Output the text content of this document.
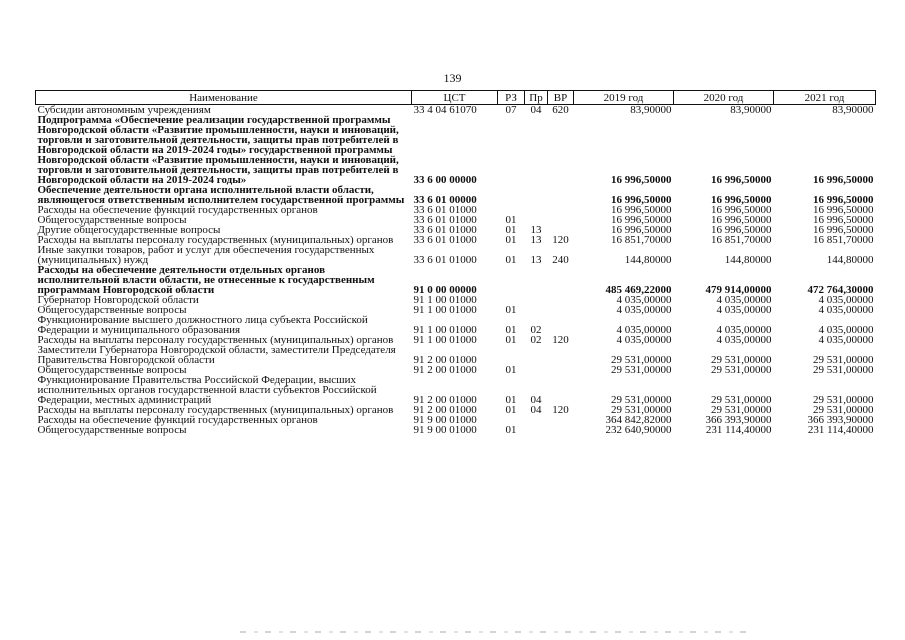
139
Наименование	ЦСТ	РЗ	Пр	ВР	2019 год	2020 год	2021 год
Субсидии автономным учреждениям	33 4 04 61070	07	04	620	83,90000	83,90000	83,90000
Подпрограмма «Обеспечение реализации государственной программы Новгородской области «Развитие промышленности, науки и инноваций, торговли и заготовительной деятельности, защиты прав потребителей в Новгородской области на 2019-2024 годы» государственной программы Новгородской области «Развитие промышленности, науки и инноваций, торговли и заготовительной деятельности, защиты прав потребителей в Новгородской области на 2019-2024 годы»	33 6 00 00000				16 996,50000	16 996,50000	16 996,50000
Обеспечение деятельности органа исполнительной власти области, являющегося ответственным исполнителем государственной программы	33 6 01 00000				16 996,50000	16 996,50000	16 996,50000
Расходы на обеспечение функций государственных органов	33 6 01 01000				16 996,50000	16 996,50000	16 996,50000
Общегосударственные вопросы	33 6 01 01000	01			16 996,50000	16 996,50000	16 996,50000
Другие общегосударственные вопросы	33 6 01 01000	01	13		16 996,50000	16 996,50000	16 996,50000
Расходы на выплаты персоналу государственных (муниципальных) органов	33 6 01 01000	01	13	120	16 851,70000	16 851,70000	16 851,70000
Иные закупки товаров, работ и услуг для обеспечения государственных (муниципальных) нужд	33 6 01 01000	01	13	240	144,80000	144,80000	144,80000
Расходы на обеспечение деятельности отдельных органов исполнительной власти области, не отнесенные к государственным программам Новгородской области	91 0 00 00000				485 469,22000	479 914,00000	472 764,30000
Губернатор Новгородской области	91 1 00 01000				4 035,00000	4 035,00000	4 035,00000
Общегосударственные вопросы	91 1 00 01000	01			4 035,00000	4 035,00000	4 035,00000
Функционирование высшего должностного лица субъекта Российской Федерации и муниципального образования	91 1 00 01000	01	02		4 035,00000	4 035,00000	4 035,00000
Расходы на выплаты персоналу государственных (муниципальных) органов	91 1 00 01000	01	02	120	4 035,00000	4 035,00000	4 035,00000
Заместители Губернатора Новгородской области, заместители Председателя Правительства Новгородской области	91 2 00 01000				29 531,00000	29 531,00000	29 531,00000
Общегосударственные вопросы	91 2 00 01000	01			29 531,00000	29 531,00000	29 531,00000
Функционирование Правительства Российской Федерации, высших исполнительных органов государственной власти субъектов Российской Федерации, местных администраций	91 2 00 01000	01	04		29 531,00000	29 531,00000	29 531,00000
Расходы на выплаты персоналу государственных (муниципальных) органов	91 2 00 01000	01	04	120	29 531,00000	29 531,00000	29 531,00000
Расходы на обеспечение функций государственных органов	91 9 00 01000				364 842,82000	366 393,90000	366 393,90000
Общегосударственные вопросы	91 9 00 01000	01			232 640,90000	231 114,40000	231 114,40000
